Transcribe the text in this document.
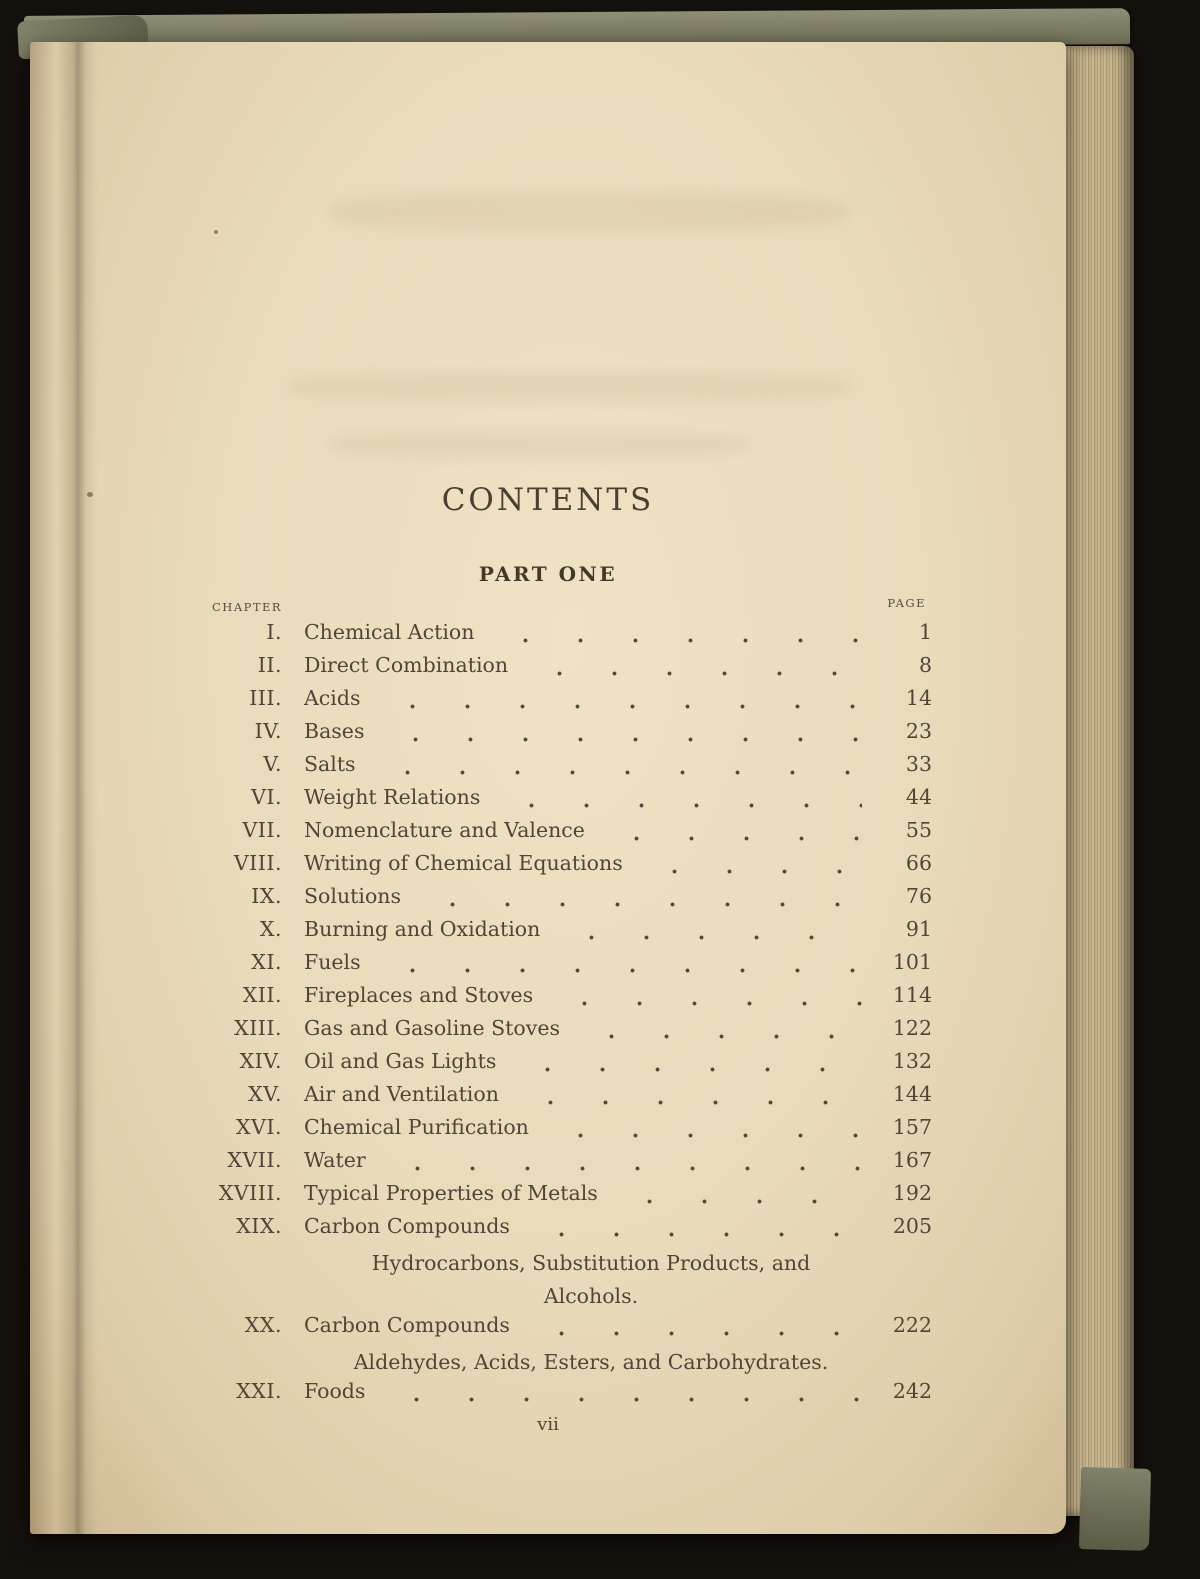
CONTENTS
PART ONE
CHAPTER	PAGE
I. Chemical Action	1
II. Direct Combination	8
III. Acids	14
IV. Bases	23
V. Salts	33
VI. Weight Relations	44
VII. Nomenclature and Valence	55
VIII. Writing of Chemical Equations	66
IX. Solutions	76
X. Burning and Oxidation	91
XI. Fuels	101
XII. Fireplaces and Stoves	114
XIII. Gas and Gasoline Stoves	122
XIV. Oil and Gas Lights	132
XV. Air and Ventilation	144
XVI. Chemical Purification	157
XVII. Water	167
XVIII. Typical Properties of Metals	192
XIX. Carbon Compounds	205
Hydrocarbons, Substitution Products, and
Alcohols.
XX. Carbon Compounds	222
Aldehydes, Acids, Esters, and Carbohydrates.
XXI. Foods	242
vii
